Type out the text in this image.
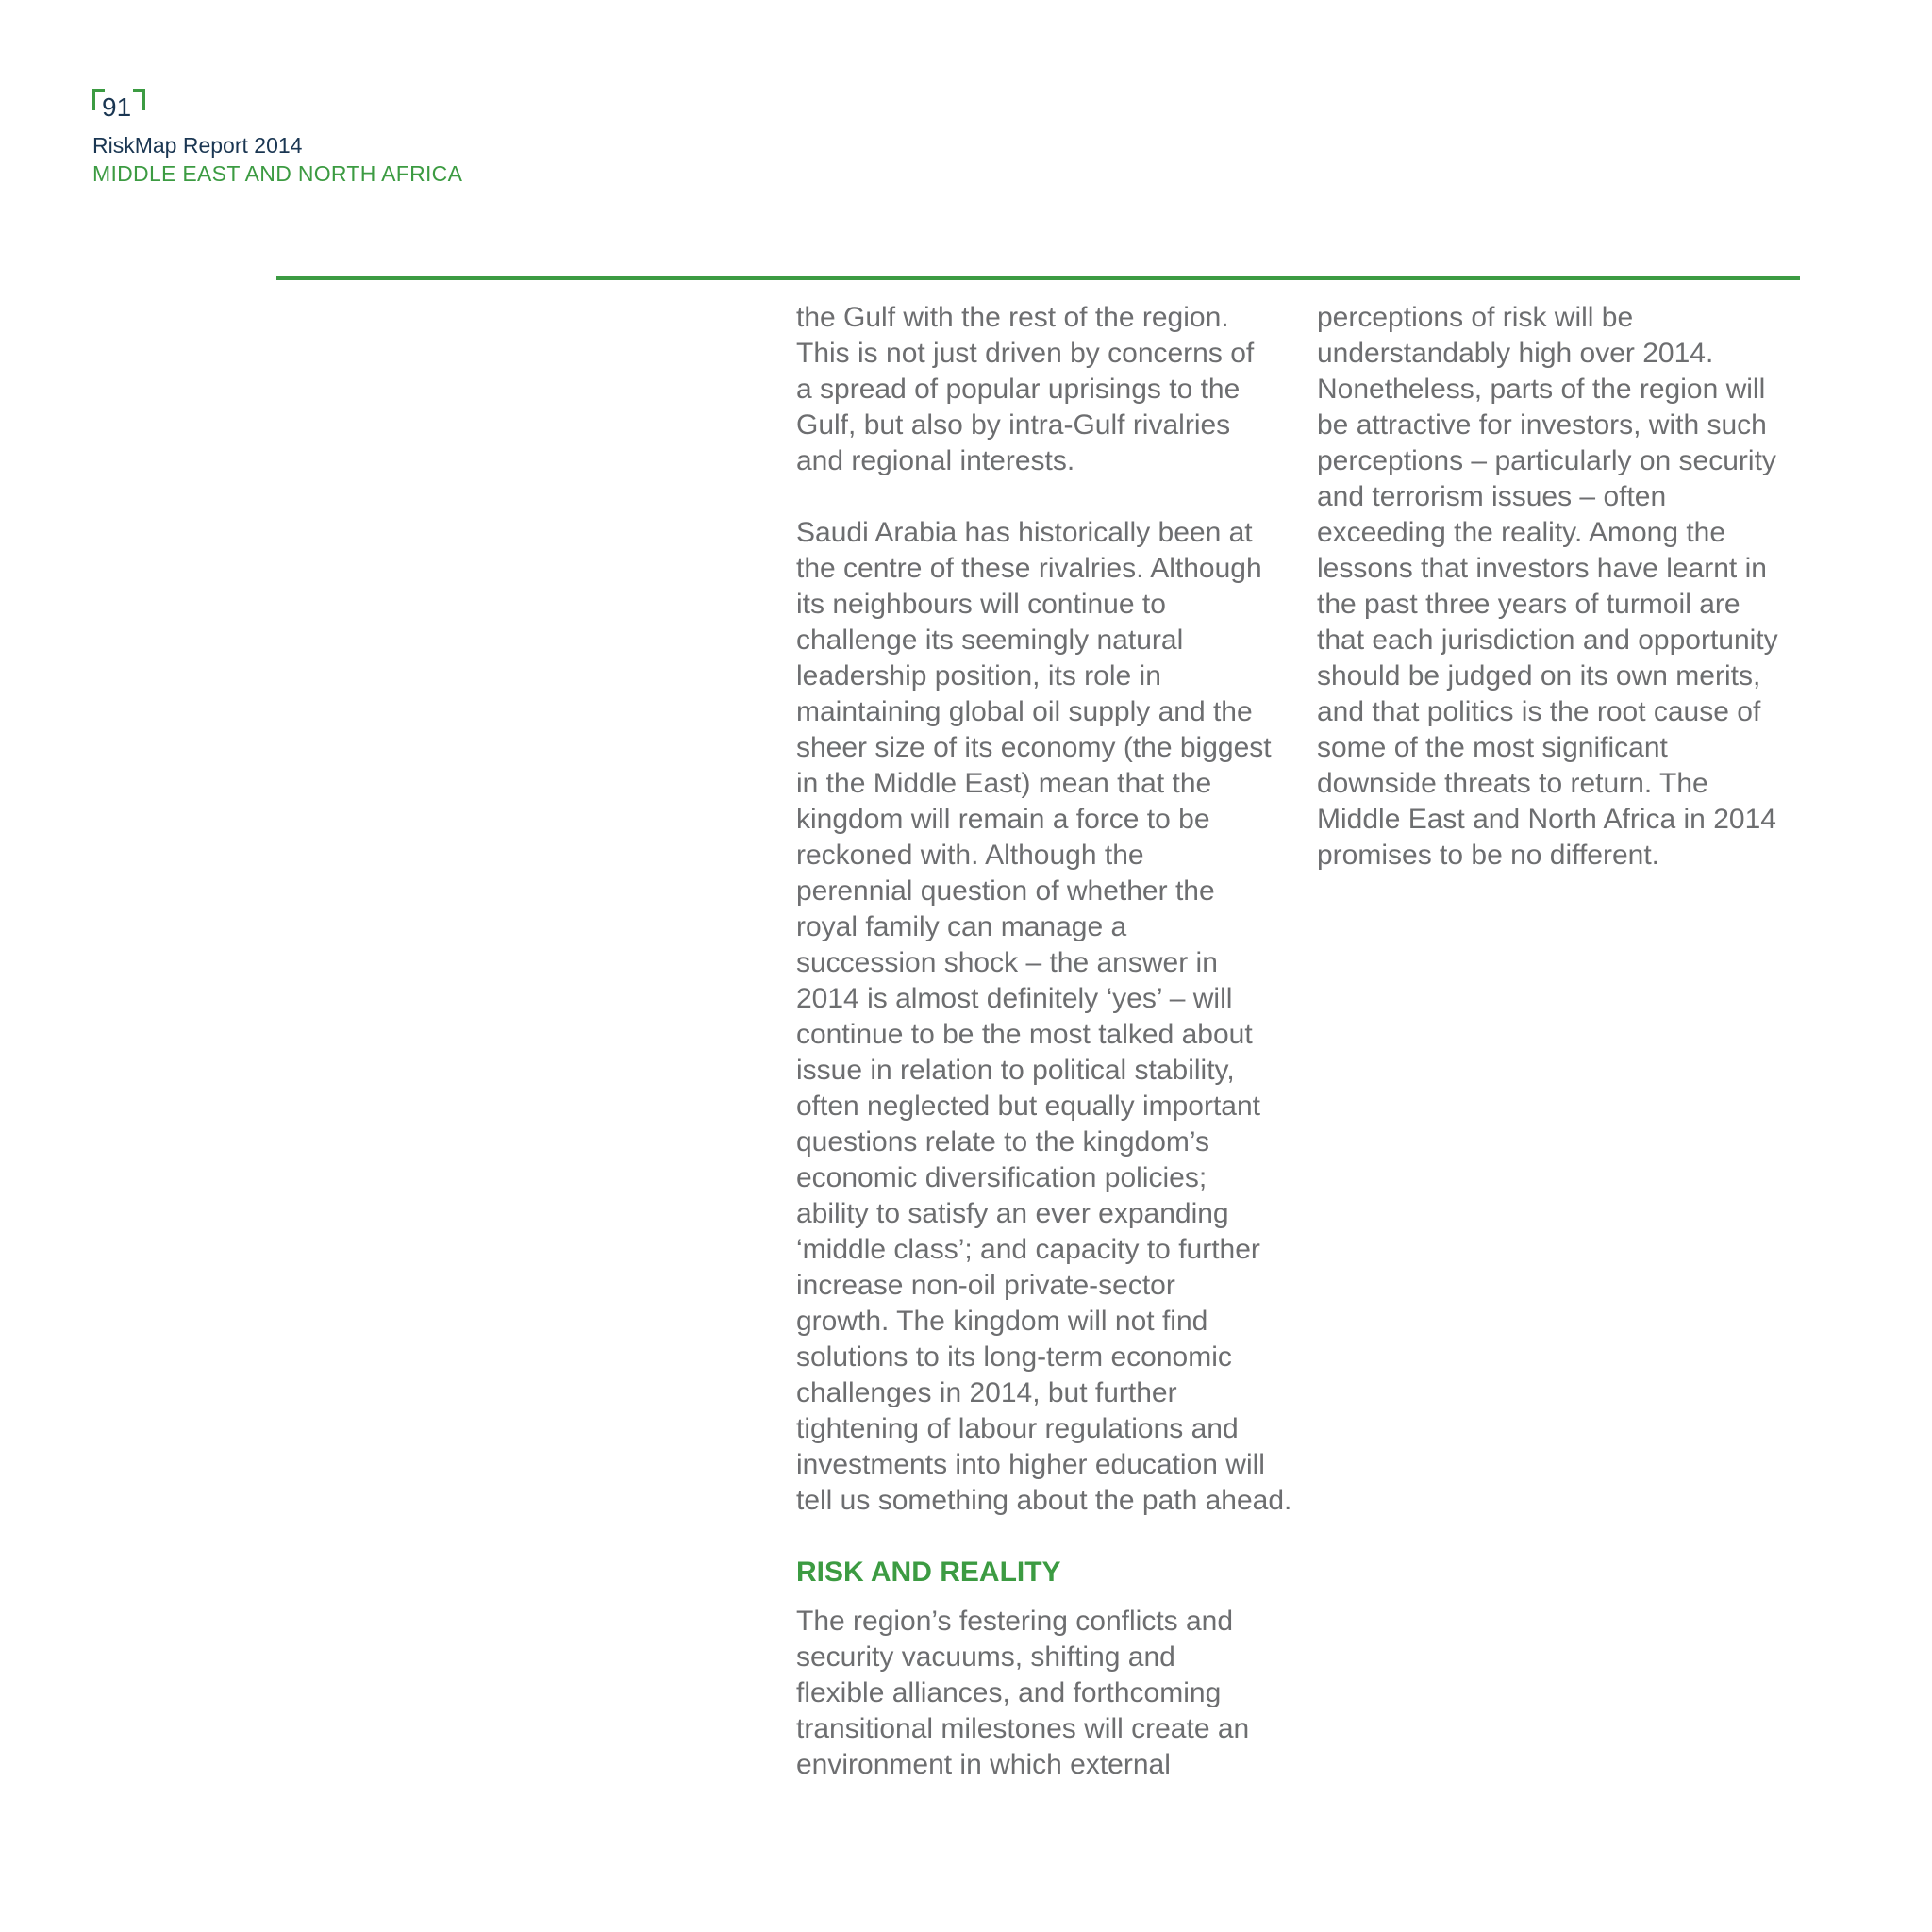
91
RiskMap Report 2014
MIDDLE EAST AND NORTH AFRICA

the Gulf with the rest of the region.
This is not just driven by concerns of
a spread of popular uprisings to the
Gulf, but also by intra-Gulf rivalries
and regional interests.

Saudi Arabia has historically been at
the centre of these rivalries. Although
its neighbours will continue to
challenge its seemingly natural
leadership position, its role in
maintaining global oil supply and the
sheer size of its economy (the biggest
in the Middle East) mean that the
kingdom will remain a force to be
reckoned with. Although the
perennial question of whether the
royal family can manage a
succession shock – the answer in
2014 is almost definitely ‘yes’ – will
continue to be the most talked about
issue in relation to political stability,
often neglected but equally important
questions relate to the kingdom’s
economic diversification policies;
ability to satisfy an ever expanding
‘middle class’; and capacity to further
increase non-oil private-sector
growth. The kingdom will not find
solutions to its long-term economic
challenges in 2014, but further
tightening of labour regulations and
investments into higher education will
tell us something about the path ahead.

RISK AND REALITY

The region’s festering conflicts and
security vacuums, shifting and
flexible alliances, and forthcoming
transitional milestones will create an
environment in which external

perceptions of risk will be
understandably high over 2014.
Nonetheless, parts of the region will
be attractive for investors, with such
perceptions – particularly on security
and terrorism issues – often
exceeding the reality. Among the
lessons that investors have learnt in
the past three years of turmoil are
that each jurisdiction and opportunity
should be judged on its own merits,
and that politics is the root cause of
some of the most significant
downside threats to return. The
Middle East and North Africa in 2014
promises to be no different.
